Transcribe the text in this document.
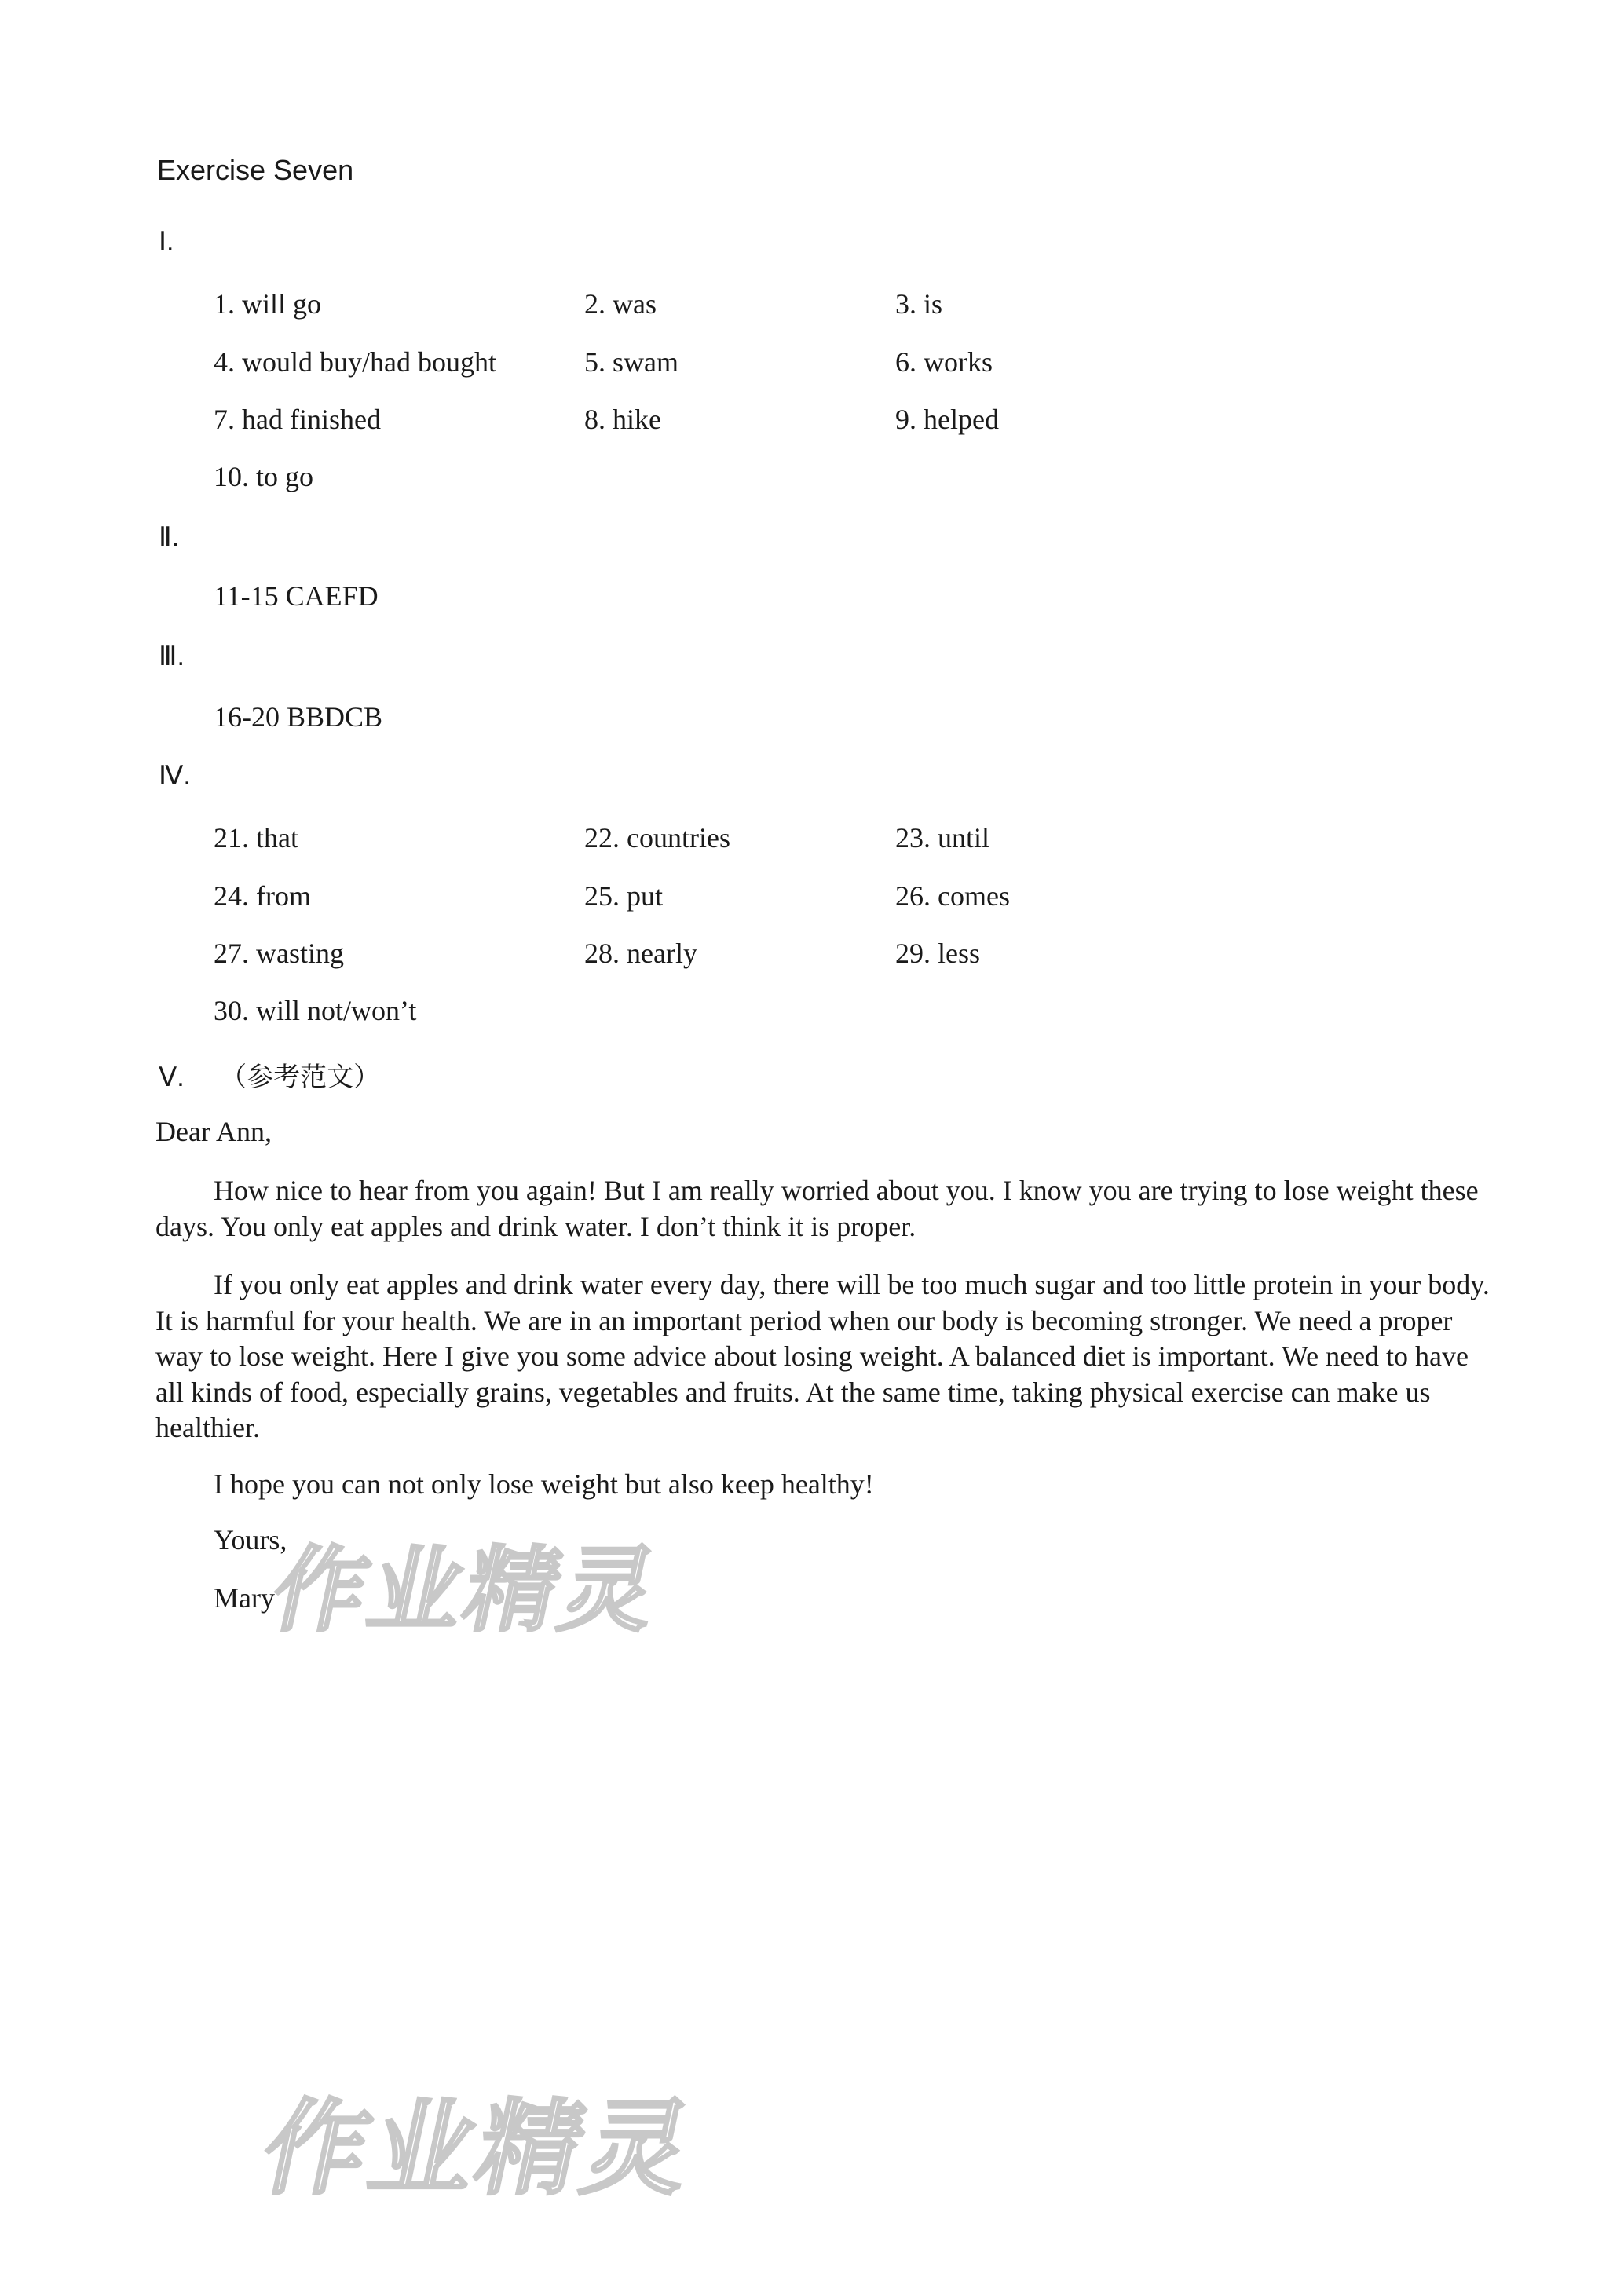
Exercise Seven
Ⅰ.
1. will go	2. was	3. is
4. would buy/had bought	5. swam	6. works
7. had finished	8. hike	9. helped
10. to go
Ⅱ.
11-15 CAEFD
Ⅲ.
16-20 BBDCB
Ⅳ.
21. that	22. countries	23. until
24. from	25. put	26. comes
27. wasting	28. nearly	29. less
30. will not/won’t
Ⅴ. （参考范文）
Dear Ann,

How nice to hear from you again! But I am really worried about you. I know you are trying to lose weight these days. You only eat apples and drink water. I don’t think it is proper.

If you only eat apples and drink water every day, there will be too much sugar and too little protein in your body. It is harmful for your health. We are in an important period when our body is becoming stronger. We need a proper way to lose weight. Here I give you some advice about losing weight. A balanced diet is important. We need to have all kinds of food, especially grains, vegetables and fruits. At the same time, taking physical exercise can make us healthier.

I hope you can not only lose weight but also keep healthy!

Yours,
Mary
作业精灵
作业精灵
